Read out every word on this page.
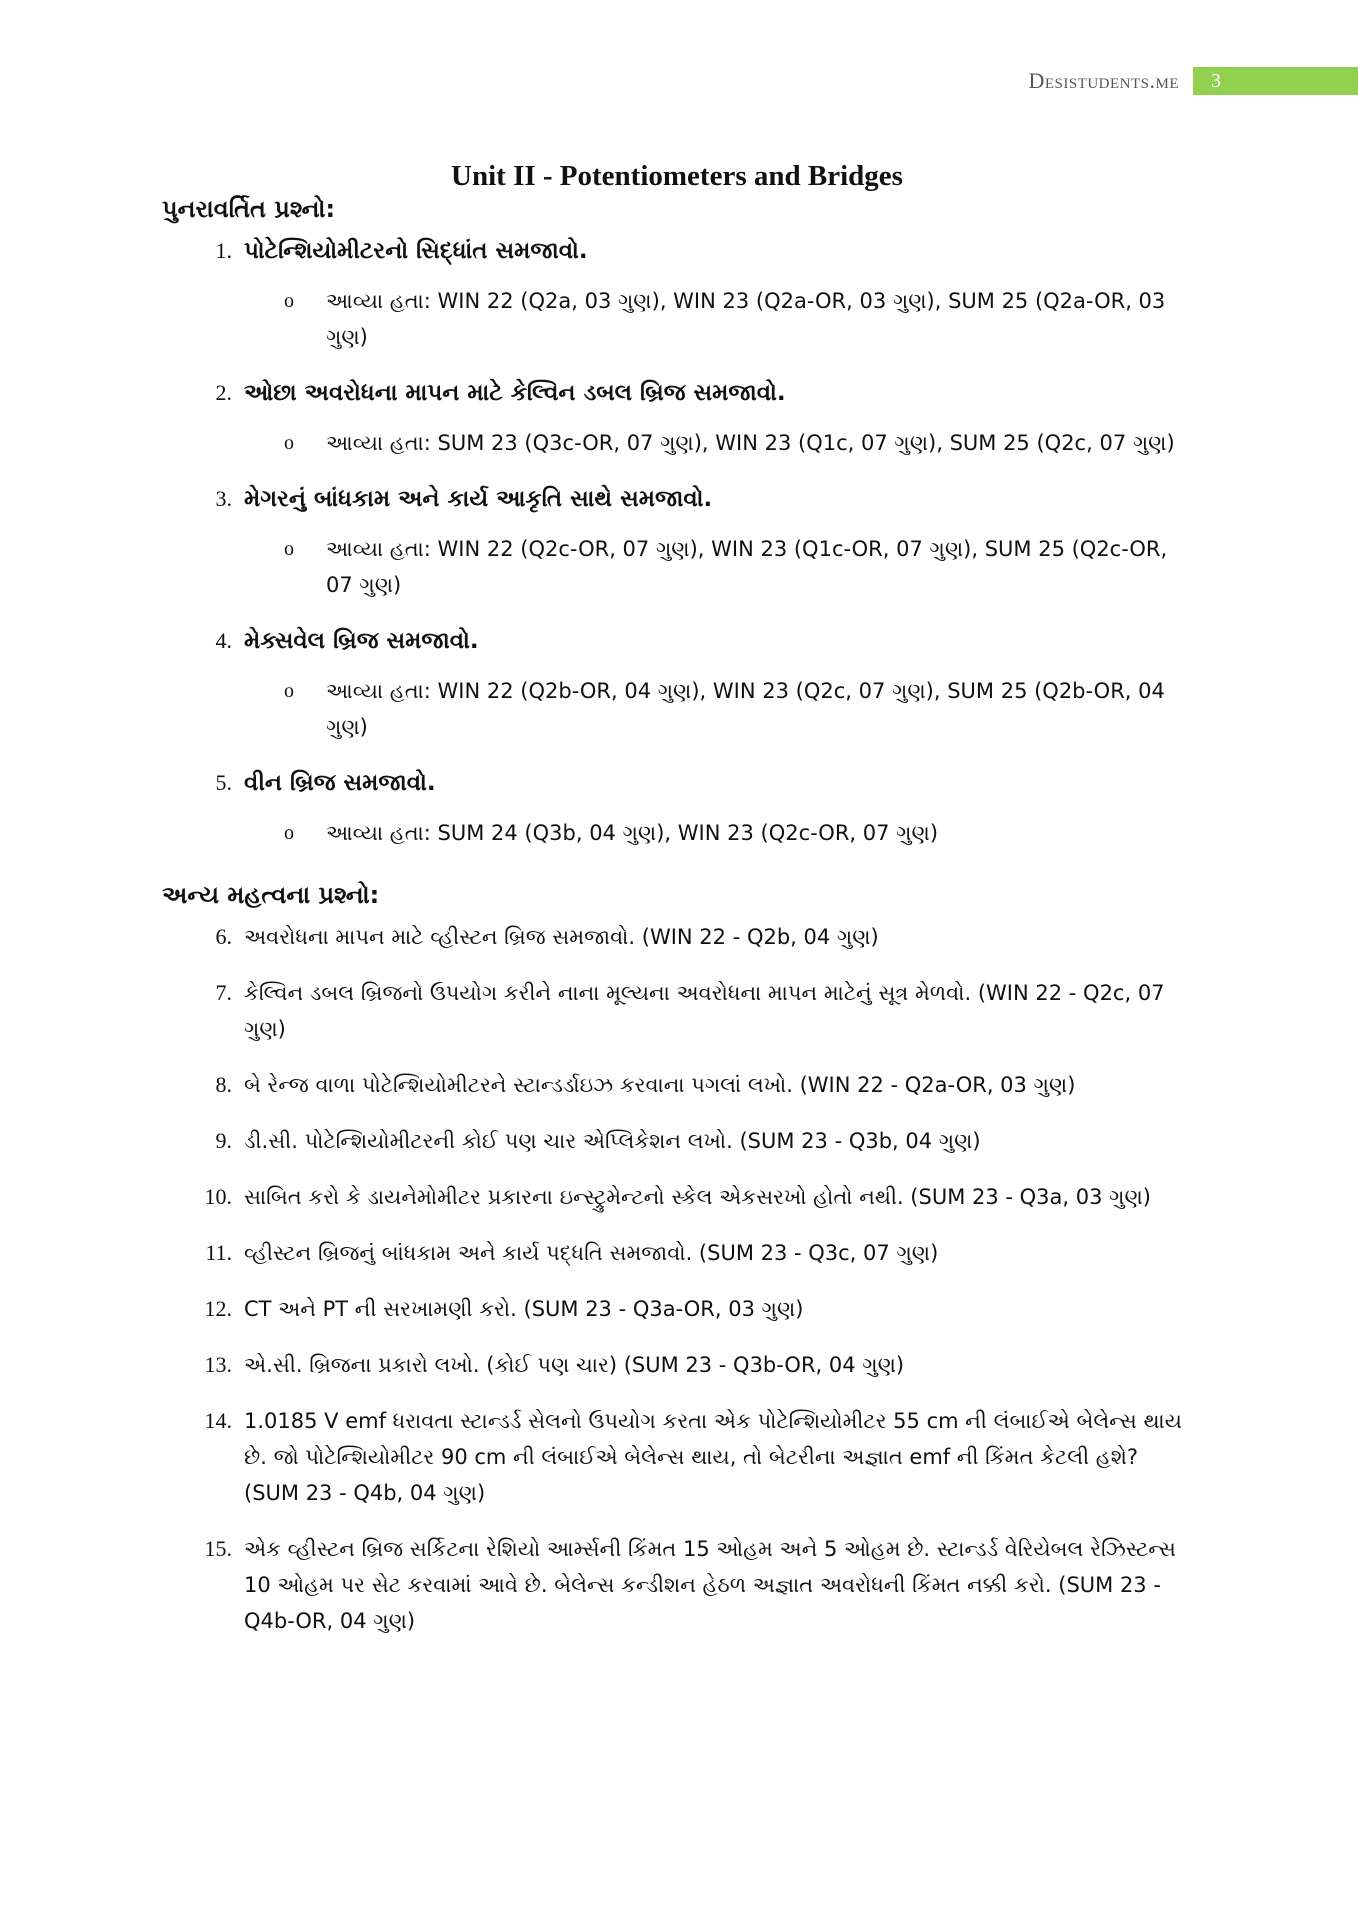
Desistudents.me	3
Unit II - Potentiometers and Bridges
પુનરાવર્તિત પ્રશ્નો:
1. પોટેન્શિયોમીટરનો સિદ્ધાંત સમજાવો.
o	આવ્યા હતા: WIN 22 (Q2a, 03 ગુણ), WIN 23 (Q2a-OR, 03 ગુણ), SUM 25 (Q2a-OR, 03 ગુણ)
2. ઓછા અવરોધના માપન માટે કેલ્વિન ડબલ બ્રિજ સમજાવો.
o	આવ્યા હતા: SUM 23 (Q3c-OR, 07 ગુણ), WIN 23 (Q1c, 07 ગુણ), SUM 25 (Q2c, 07 ગુણ)
3. મેગરનું બાંધકામ અને કાર્ય આકૃતિ સાથે સમજાવો.
o	આવ્યા હતા: WIN 22 (Q2c-OR, 07 ગુણ), WIN 23 (Q1c-OR, 07 ગુણ), SUM 25 (Q2c-OR, 07 ગુણ)
4. મેક્સવેલ બ્રિજ સમજાવો.
o	આવ્યા હતા: WIN 22 (Q2b-OR, 04 ગુણ), WIN 23 (Q2c, 07 ગુણ), SUM 25 (Q2b-OR, 04 ગુણ)
5. વીન બ્રિજ સમજાવો.
o	આવ્યા હતા: SUM 24 (Q3b, 04 ગુણ), WIN 23 (Q2c-OR, 07 ગુણ)
અન્ય મહત્વના પ્રશ્નો:
6. અવરોધના માપન માટે વ્હીસ્ટન બ્રિજ સમજાવો. (WIN 22 - Q2b, 04 ગુણ)
7. કેલ્વિન ડબલ બ્રિજનો ઉપયોગ કરીને નાના મૂલ્યના અવરોધના માપન માટેનું સૂત્ર મેળવો. (WIN 22 - Q2c, 07 ગુણ)
8. બે રેન્જ વાળા પોટેન્શિયોમીટરને સ્ટાન્ડર્ડાઇઝ કરવાના પગલાં લખો. (WIN 22 - Q2a-OR, 03 ગુણ)
9. ડી.સી. પોટેન્શિયોમીટરની કોઈ પણ ચાર એપ્લિકેશન લખો. (SUM 23 - Q3b, 04 ગુણ)
10. સાબિત કરો કે ડાયનેમોમીટર પ્રકારના ઇન્સ્ટ્રુમેન્ટનો સ્કેલ એકસરખો હોતો નથી. (SUM 23 - Q3a, 03 ગુણ)
11. વ્હીસ્ટન બ્રિજનું બાંધકામ અને કાર્ય પદ્ધતિ સમજાવો. (SUM 23 - Q3c, 07 ગુણ)
12. CT અને PT ની સરખામણી કરો. (SUM 23 - Q3a-OR, 03 ગુણ)
13. એ.સી. બ્રિજના પ્રકારો લખો. (કોઈ પણ ચાર) (SUM 23 - Q3b-OR, 04 ગુણ)
14. 1.0185 V emf ધરાવતા સ્ટાન્ડર્ડ સેલનો ઉપયોગ કરતા એક પોટેન્શિયોમીટર 55 cm ની લંબાઈએ બેલેન્સ થાય છે. જો પોટેન્શિયોમીટર 90 cm ની લંબાઈએ બેલેન્સ થાય, તો બેટરીના અજ્ઞાત emf ની કિંમત કેટલી હશે? (SUM 23 - Q4b, 04 ગુણ)
15. એક વ્હીસ્ટન બ્રિજ સર્કિટના રેશિયો આર્મ્સની કિંમત 15 ઓહમ અને 5 ઓહમ છે. સ્ટાન્ડર્ડ વેરિયેબલ રેઝિસ્ટન્સ 10 ઓહમ પર સેટ કરવામાં આવે છે. બેલેન્સ કન્ડીશન હેઠળ અજ્ઞાત અવરોધની કિંમત નક્કી કરો. (SUM 23 - Q4b-OR, 04 ગુણ)
